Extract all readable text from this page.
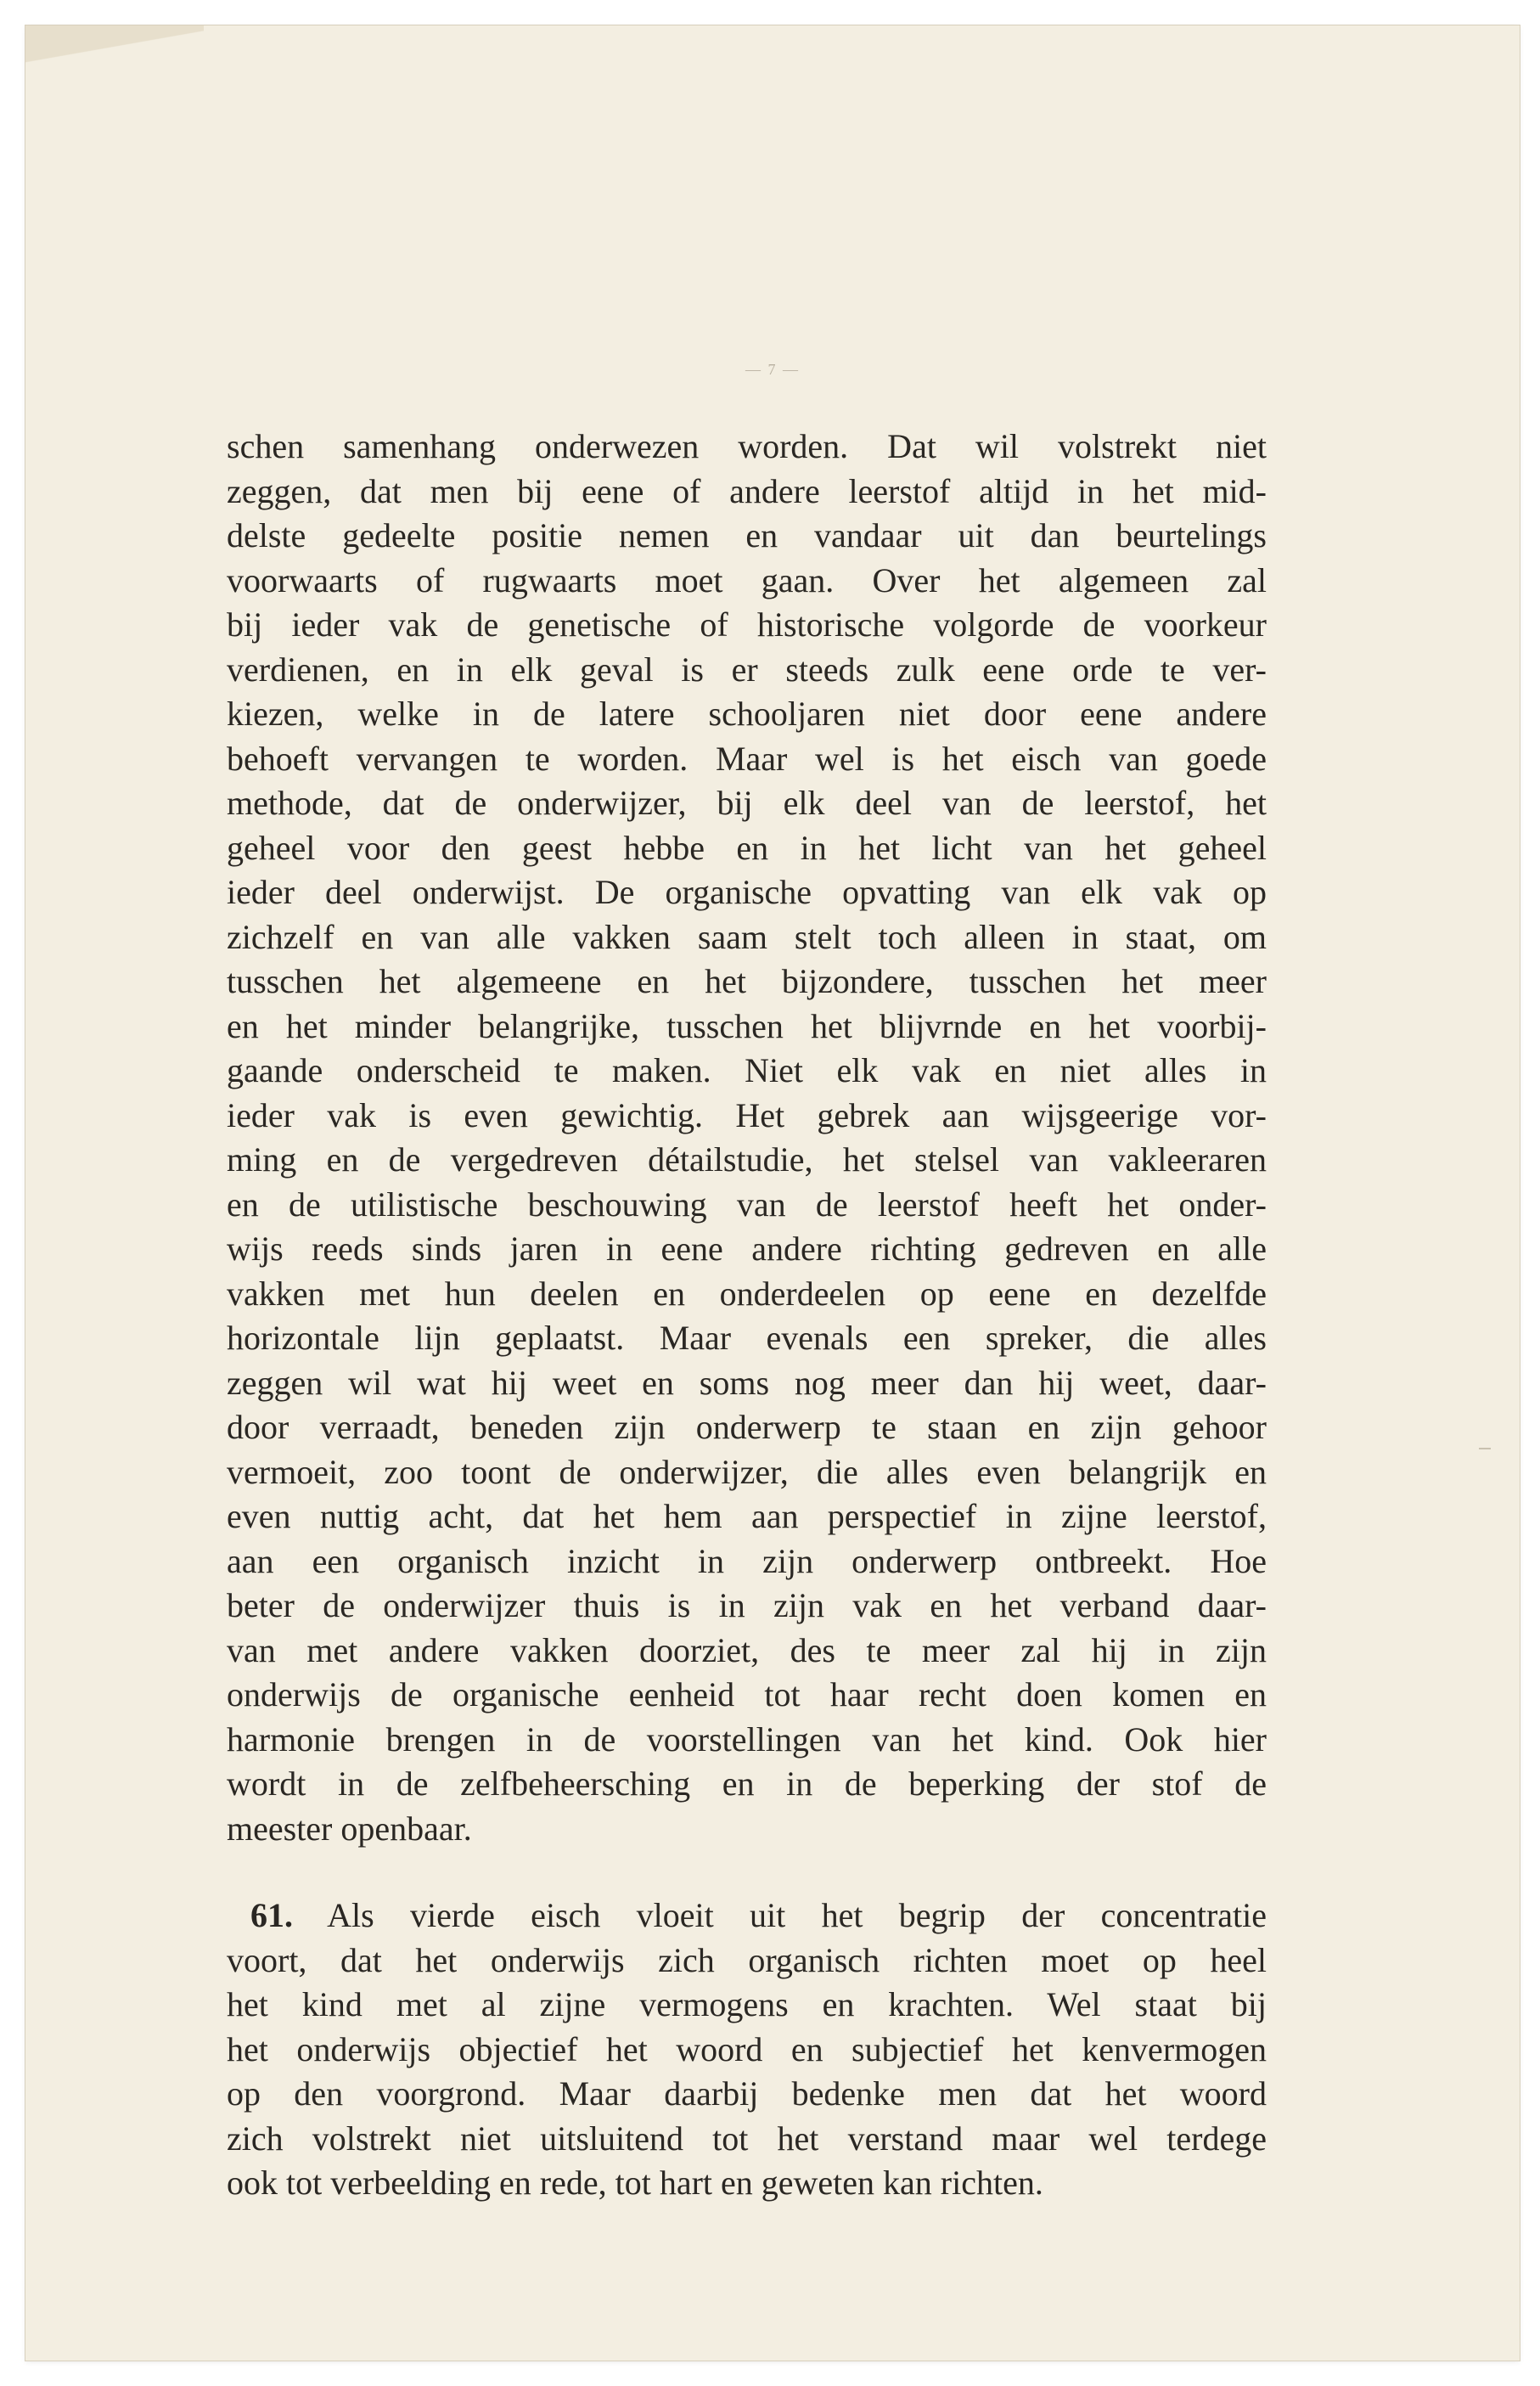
— 7 —
schen samenhang onderwezen worden. Dat wil volstrekt niet
zeggen, dat men bij eene of andere leerstof altijd in het mid-
delste gedeelte positie nemen en vandaar uit dan beurtelings
voorwaarts of rugwaarts moet gaan. Over het algemeen zal
bij ieder vak de genetische of historische volgorde de voorkeur
verdienen, en in elk geval is er steeds zulk eene orde te ver-
kiezen, welke in de latere schooljaren niet door eene andere
behoeft vervangen te worden. Maar wel is het eisch van goede
methode, dat de onderwijzer, bij elk deel van de leerstof, het
geheel voor den geest hebbe en in het licht van het geheel
ieder deel onderwijst. De organische opvatting van elk vak op
zichzelf en van alle vakken saam stelt toch alleen in staat, om
tusschen het algemeene en het bijzondere, tusschen het meer
en het minder belangrijke, tusschen het blijvrnde en het voorbij-
gaande onderscheid te maken. Niet elk vak en niet alles in
ieder vak is even gewichtig. Het gebrek aan wijsgeerige vor-
ming en de vergedreven détailstudie, het stelsel van vakleeraren
en de utilistische beschouwing van de leerstof heeft het onder-
wijs reeds sinds jaren in eene andere richting gedreven en alle
vakken met hun deelen en onderdeelen op eene en dezelfde
horizontale lijn geplaatst. Maar evenals een spreker, die alles
zeggen wil wat hij weet en soms nog meer dan hij weet, daar-
door verraadt, beneden zijn onderwerp te staan en zijn gehoor
vermoeit, zoo toont de onderwijzer, die alles even belangrijk en
even nuttig acht, dat het hem aan perspectief in zijne leerstof,
aan een organisch inzicht in zijn onderwerp ontbreekt. Hoe
beter de onderwijzer thuis is in zijn vak en het verband daar-
van met andere vakken doorziet, des te meer zal hij in zijn
onderwijs de organische eenheid tot haar recht doen komen en
harmonie brengen in de voorstellingen van het kind. Ook hier
wordt in de zelfbeheersching en in de beperking der stof de
meester openbaar.
61. Als vierde eisch vloeit uit het begrip der concentratie
voort, dat het onderwijs zich organisch richten moet op heel
het kind met al zijne vermogens en krachten. Wel staat bij
het onderwijs objectief het woord en subjectief het kenvermogen
op den voorgrond. Maar daarbij bedenke men dat het woord
zich volstrekt niet uitsluitend tot het verstand maar wel terdege
ook tot verbeelding en rede, tot hart en geweten kan richten.
